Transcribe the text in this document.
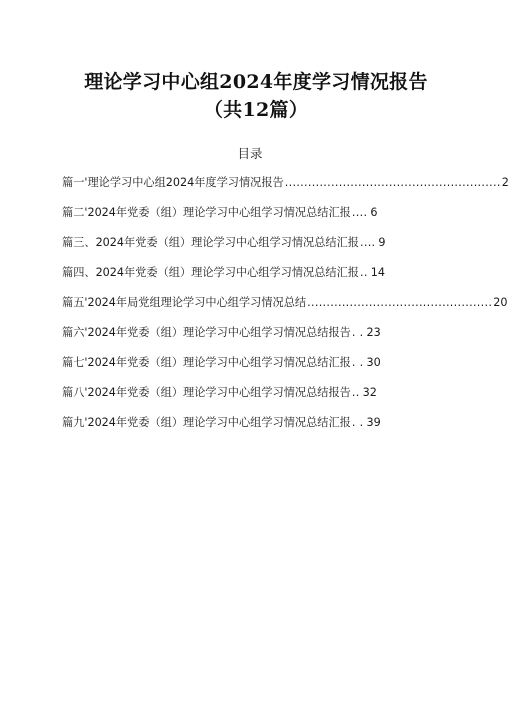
理论学习中心组2024年度学习情况报告（共12篇）
目录
篇一'理论学习中心组2024年度学习情况报告 ........................................................ 2
篇二'2024年党委（组）理论学习中心组学习情况总结汇报 .... 6
篇三、2024年党委（组）理论学习中心组学习情况总结汇报 .... 9
篇四、2024年党委（组）理论学习中心组学习情况总结汇报 .. 14
篇五'2024年局党组理论学习中心组学习情况总结 ................................................ 20
篇六'2024年党委（组）理论学习中心组学习情况总结报告 . . 23
篇七'2024年党委（组）理论学习中心组学习情况总结汇报 . . 30
篇八'2024年党委（组）理论学习中心组学习情况总结报告 .. 32
篇九'2024年党委（组）理论学习中心组学习情况总结汇报 . . 39
